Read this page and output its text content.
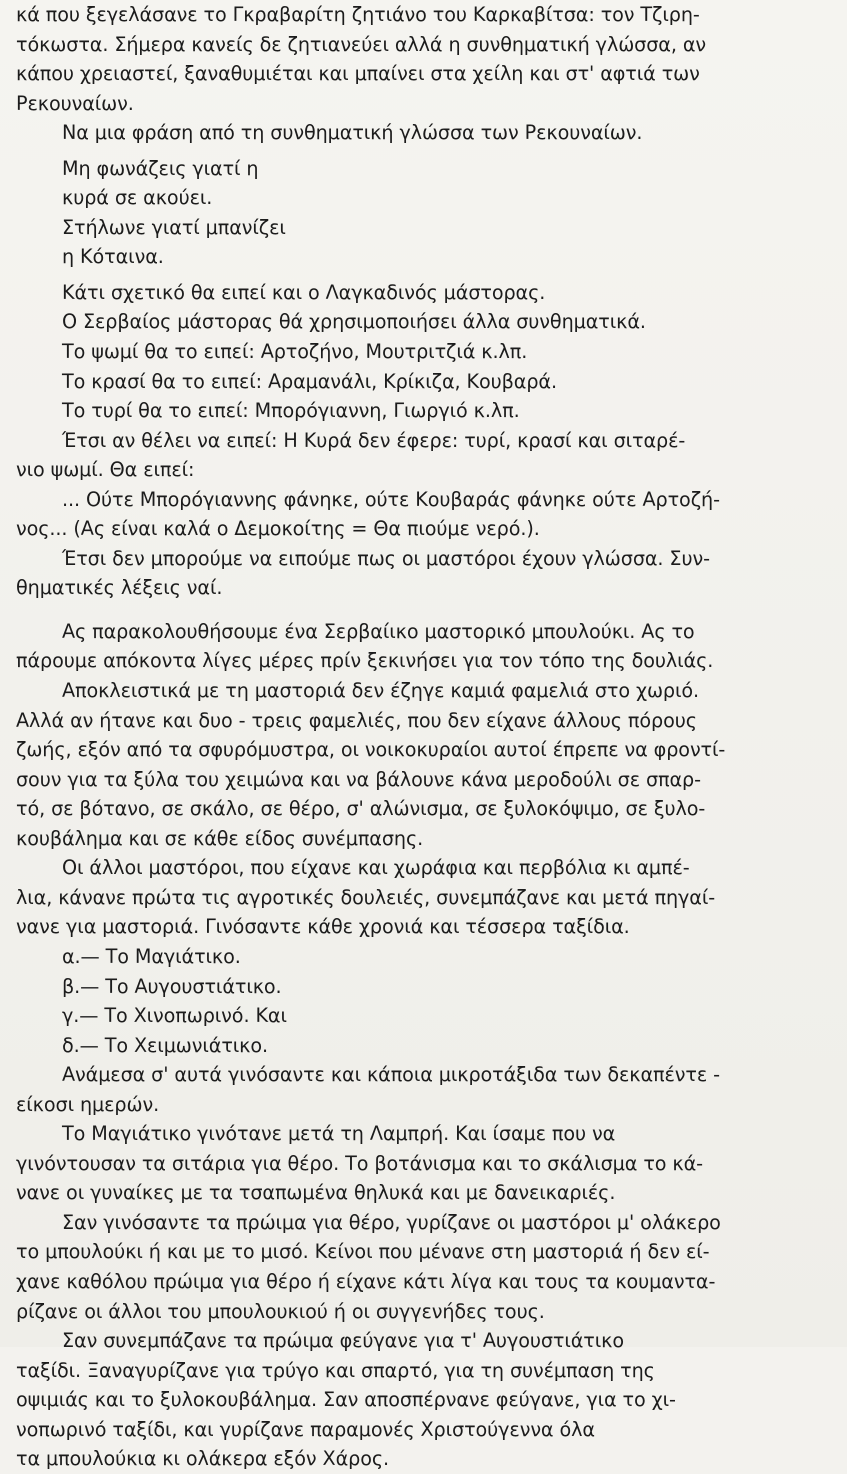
κά που ξεγελάσανε το Γκραβαρίτη ζητιάνο του Καρκαβίτσα: τον Τζιρη-
τόκωστα. Σήμερα κανείς δε ζητιανεύει αλλά η συνθηματική γλώσσα, αν
κάπου χρειαστεί, ξαναθυμιέται και μπαίνει στα χείλη και στ' αφτιά των
Ρεκουναίων.
Να μια φράση από τη συνθηματική γλώσσα των Ρεκουναίων.
Μη φωνάζεις γιατί η
κυρά σε ακούει.
Στήλωνε γιατί μπανίζει
η Κόταινα.
Κάτι σχετικό θα ειπεί και ο Λαγκαδινός μάστορας.
Ο Σερβαίος μάστορας θά χρησιμοποιήσει άλλα συνθηματικά.
Το ψωμί θα το ειπεί: Αρτοζήνο, Μουτριτζιά κ.λπ.
Το κρασί θα το ειπεί: Αραμανάλι, Κρίκιζα, Κουβαρά.
Το τυρί θα το ειπεί: Μπορόγιαννη, Γιωργιό κ.λπ.
Έτσι αν θέλει να ειπεί: Η Κυρά δεν έφερε: τυρί, κρασί και σιταρέ-
νιο ψωμί. Θα ειπεί:
... Ούτε Μπορόγιαννης φάνηκε, ούτε Κουβαράς φάνηκε ούτε Αρτοζή-
νος... (Ας είναι καλά ο Δεμοκοίτης = Θα πιούμε νερό.).
Έτσι δεν μπορούμε να ειπούμε πως οι μαστόροι έχουν γλώσσα. Συν-
θηματικές λέξεις ναί.
Ας παρακολουθήσουμε ένα Σερβαίικο μαστορικό μπουλούκι. Ας το
πάρουμε απόκοντα λίγες μέρες πρίν ξεκινήσει για τον τόπο της δουλιάς.
Αποκλειστικά με τη μαστοριά δεν έζηγε καμιά φαμελιά στο χωριό.
Αλλά αν ήτανε και δυο - τρεις φαμελιές, που δεν είχανε άλλους πόρους
ζωής, εξόν από τα σφυρόμυστρα, οι νοικοκυραίοι αυτοί έπρεπε να φροντί-
σουν για τα ξύλα του χειμώνα και να βάλουνε κάνα μεροδούλι σε σπαρ-
τό, σε βότανο, σε σκάλο, σε θέρο, σ' αλώνισμα, σε ξυλοκόψιμο, σε ξυλο-
κουβάλημα και σε κάθε είδος συνέμπασης.
Οι άλλοι μαστόροι, που είχανε και χωράφια και περβόλια κι αμπέ-
λια, κάνανε πρώτα τις αγροτικές δουλειές, συνεμπάζανε και μετά πηγαί-
νανε για μαστοριά. Γινόσαντε κάθε χρονιά και τέσσερα ταξίδια.
α.— Το Μαγιάτικο.
β.— Το Αυγουστιάτικο.
γ.— Το Χινοπωρινό. Και
δ.— Το Χειμωνιάτικο.
Ανάμεσα σ' αυτά γινόσαντε και κάποια μικροτάξιδα των δεκαπέντε -
είκοσι ημερών.
Το Μαγιάτικο γινότανε μετά τη Λαμπρή. Και ίσαμε που να
γινόντουσαν τα σιτάρια για θέρο. Το βοτάνισμα και το σκάλισμα το κά-
νανε οι γυναίκες με τα τσαπωμένα θηλυκά και με δανεικαριές.
Σαν γινόσαντε τα πρώιμα για θέρο, γυρίζανε οι μαστόροι μ' ολάκερο
το μπουλούκι ή και με το μισό. Κείνοι που μένανε στη μαστοριά ή δεν εί-
χανε καθόλου πρώιμα για θέρο ή είχανε κάτι λίγα και τους τα κουμαντα-
ρίζανε οι άλλοι του μπουλουκιού ή οι συγγενήδες τους.
Σαν συνεμπάζανε τα πρώιμα φεύγανε για τ' Αυγουστιάτικο
ταξίδι. Ξαναγυρίζανε για τρύγο και σπαρτό, για τη συνέμπαση της
οψιμιάς και το ξυλοκουβάλημα. Σαν αποσπέρνανε φεύγανε, για το χι-
νοπωρινό ταξίδι, και γυρίζανε παραμονές Χριστούγεννα όλα
τα μπουλούκια κι ολάκερα εξόν Χάρος.
